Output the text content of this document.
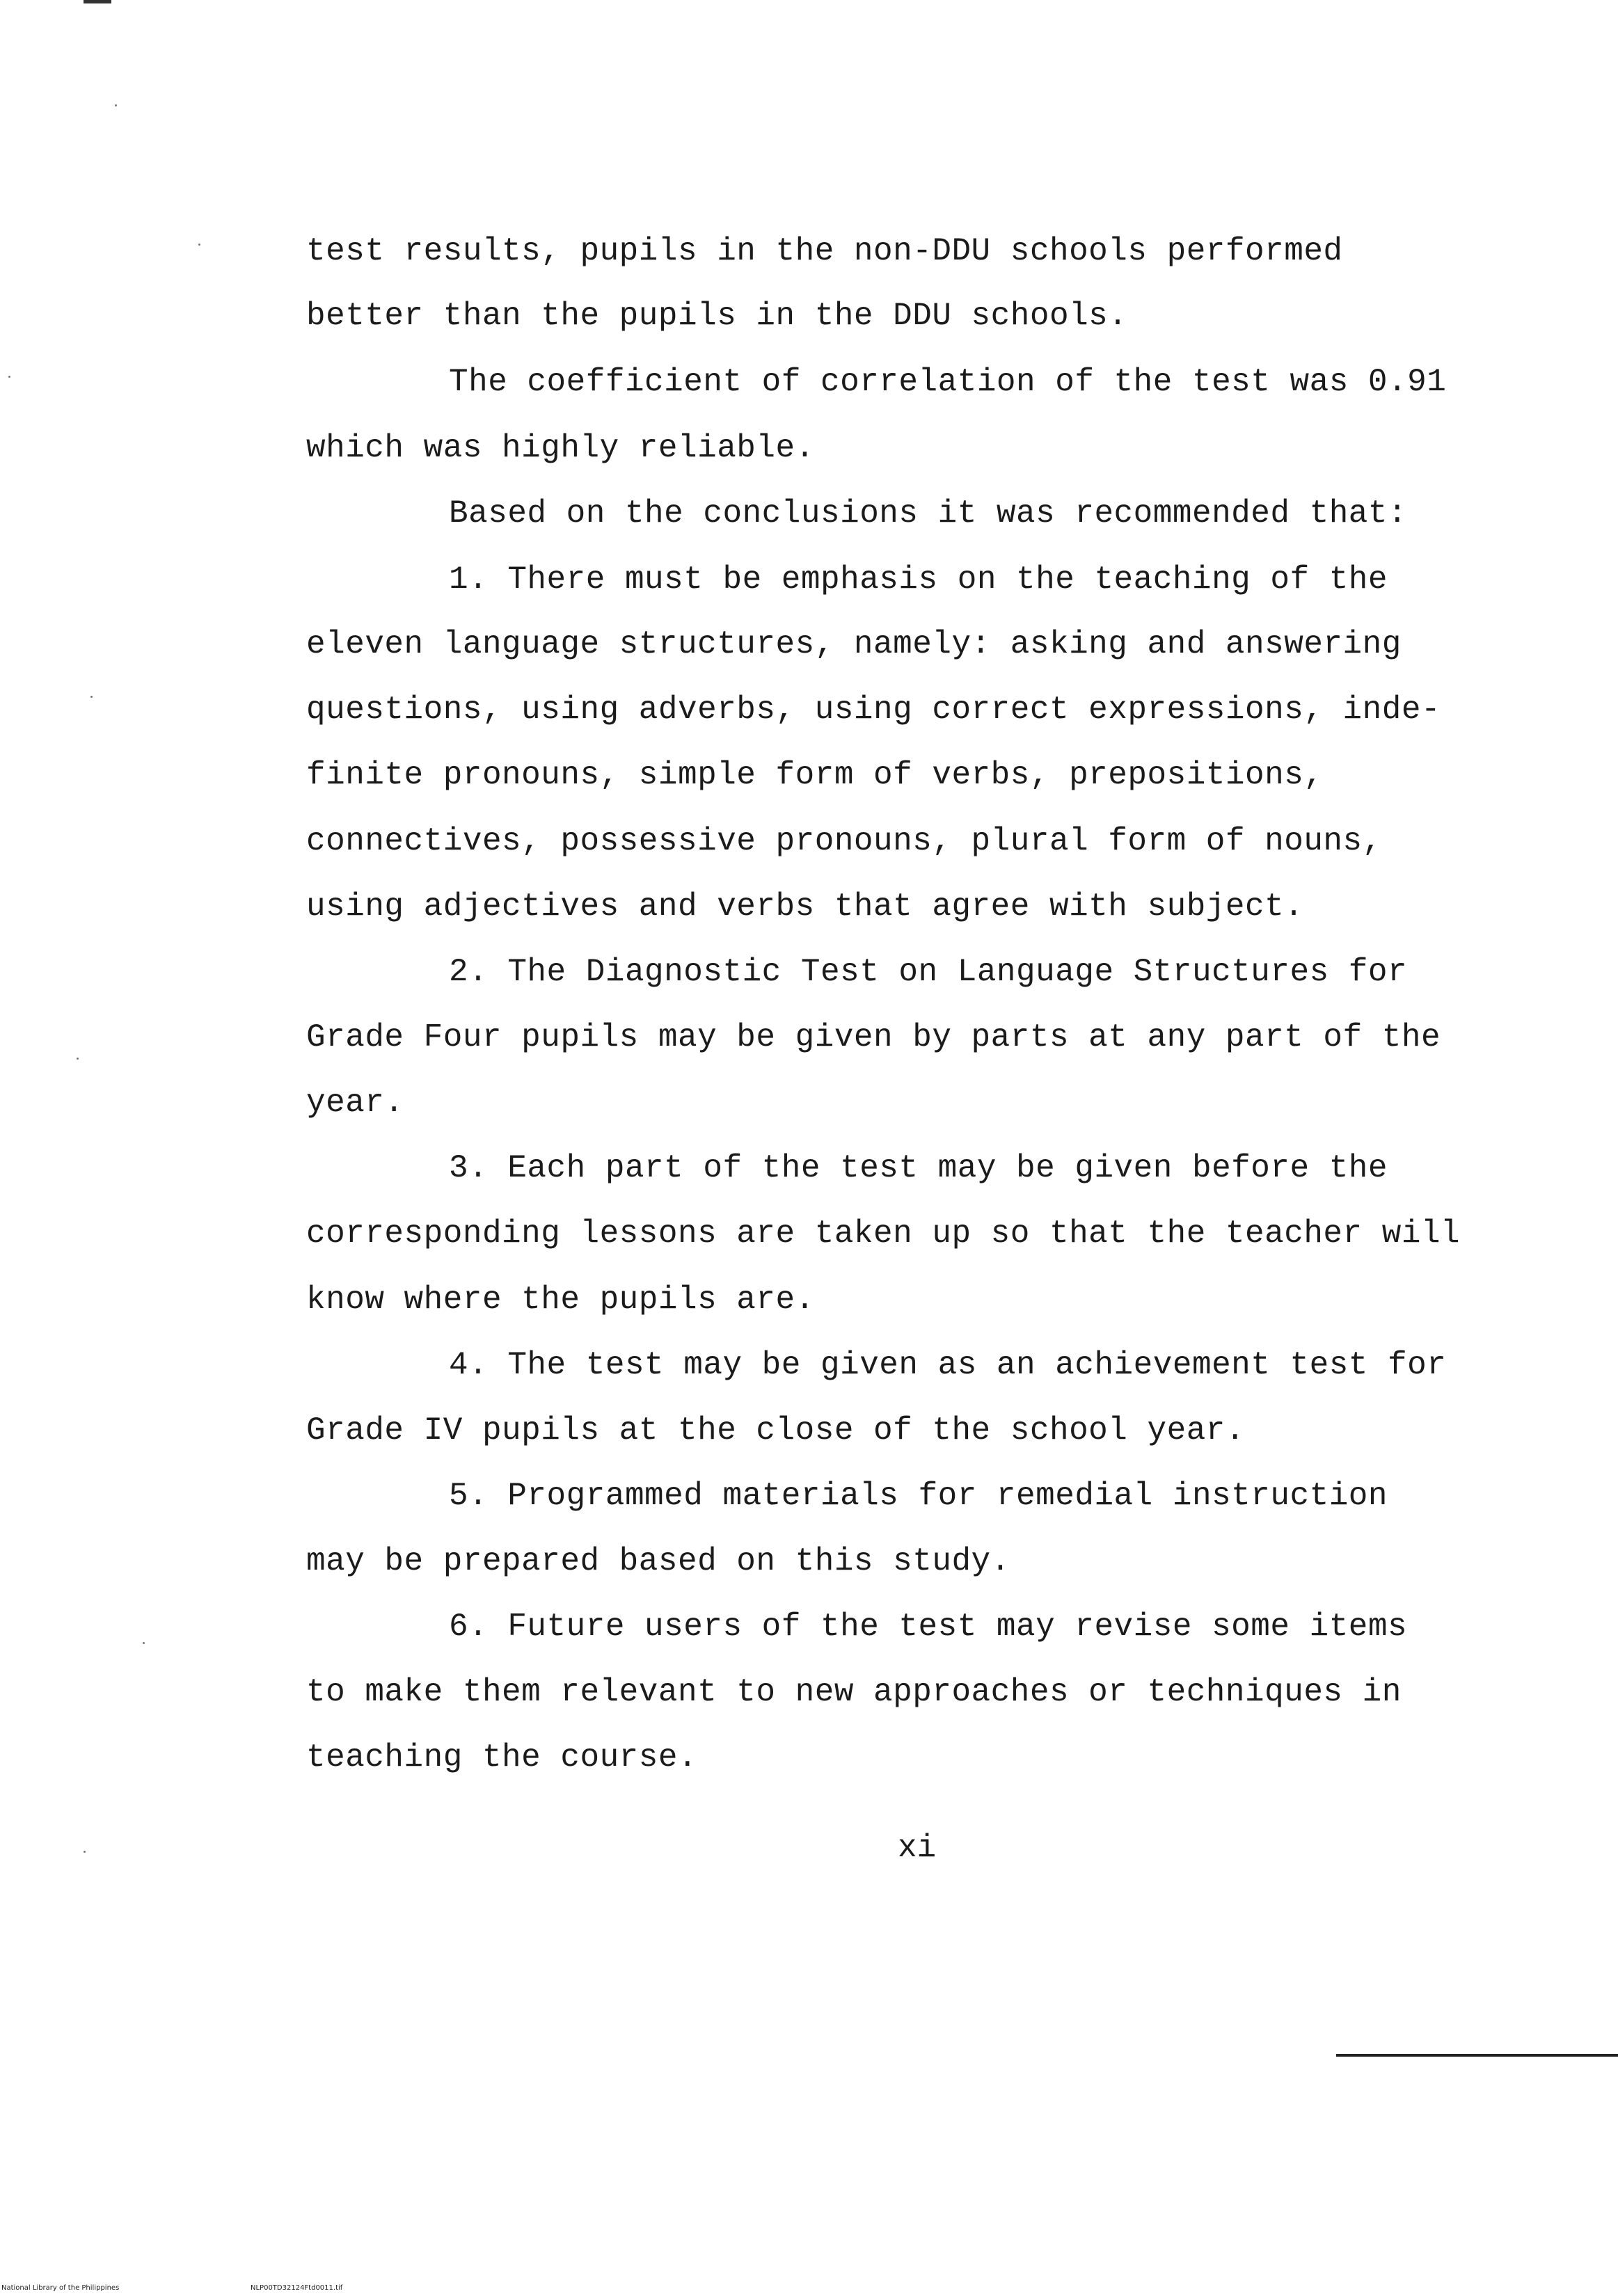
test results, pupils in the non-DDU schools performed
better than the pupils in the DDU schools.
The coefficient of correlation of the test was 0.91
which was highly reliable.
Based on the conclusions it was recommended that:
1. There must be emphasis on the teaching of the
eleven language structures, namely: asking and answering
questions, using adverbs, using correct expressions, inde-
finite pronouns, simple form of verbs, prepositions,
connectives, possessive pronouns, plural form of nouns,
using adjectives and verbs that agree with subject.
2. The Diagnostic Test on Language Structures for
Grade Four pupils may be given by parts at any part of the
year.
3. Each part of the test may be given before the
corresponding lessons are taken up so that the teacher will
know where the pupils are.
4. The test may be given as an achievement test for
Grade IV pupils at the close of the school year.
5. Programmed materials for remedial instruction
may be prepared based on this study.
6. Future users of the test may revise some items
to make them relevant to new approaches or techniques in
teaching the course.
xi
National Library of the Philippines	NLP00TD32124Ftd0011.tif
